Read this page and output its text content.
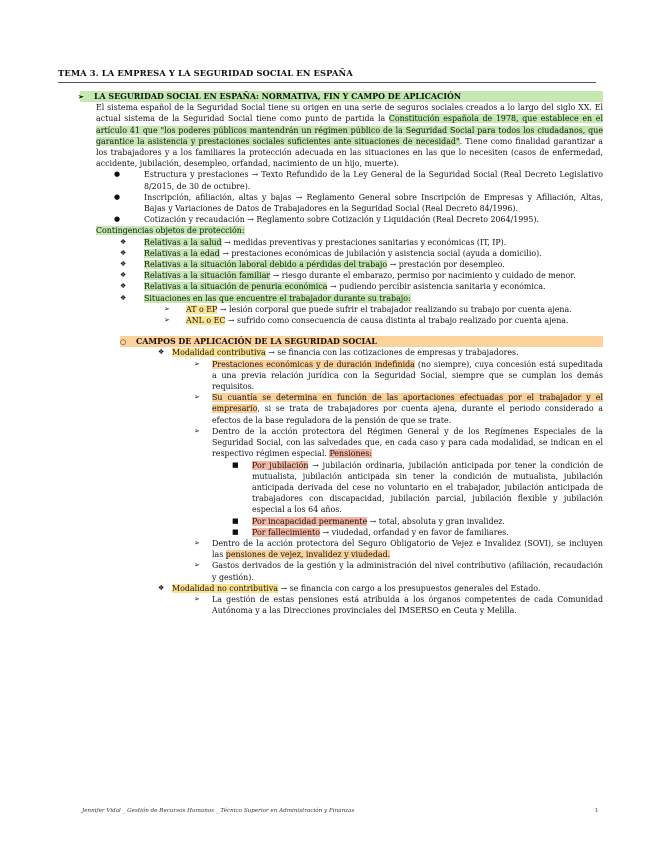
TEMA 3. LA EMPRESA Y LA SEGURIDAD SOCIAL EN ESPAÑA
➢ LA SEGURIDAD SOCIAL EN ESPAÑA: NORMATIVA, FIN Y CAMPO DE APLICACIÓN
El sistema español de la Seguridad Social tiene su origen en una serie de seguros sociales creados a lo largo del siglo XX. El actual sistema de la Seguridad Social tiene como punto de partida la Constitución española de 1978, que establece en el artículo 41 que "los poderes públicos mantendrán un régimen público de la Seguridad Social para todos los ciudadanos, que garantice la asistencia y prestaciones sociales suficientes ante situaciones de necesidad". Tiene como finalidad garantizar a los trabajadores y a los familiares la protección adecuada en las situaciones en las que lo necesiten (casos de enfermedad, accidente, jubilación, desempleo, orfandad, nacimiento de un hijo, muerte).
●	Estructura y prestaciones → Texto Refundido de la Ley General de la Seguridad Social (Real Decreto Legislativo 8/2015, de 30 de octubre).
●	Inscripción, afiliación, altas y bajas → Reglamento General sobre Inscripción de Empresas y Afiliación, Altas, Bajas y Variaciones de Datos de Trabajadores en la Seguridad Social (Real Decreto 84/1996).
●	Cotización y recaudación → Reglamento sobre Cotización y Liquidación (Real Decreto 2064/1995).
Contingencias objetos de protección:
❖ Relativas a la salud → medidas preventivas y prestaciones sanitarias y económicas (IT, IP).
❖ Relativas a la edad → prestaciones económicas de jubilación y asistencia social (ayuda a domicilio).
❖ Relativas a la situación laboral debido a pérdidas del trabajo → prestación por desempleo.
❖ Relativas a la situación familiar → riesgo durante el embarazo, permiso por nacimiento y cuidado de menor.
❖ Relativas a la situación de penuria económica → pudiendo percibir asistencia sanitaria y económica.
❖ Situaciones en las que encuentre el trabajador durante su trabajo:
➢ AT o EP → lesión corporal que puede sufrir el trabajador realizando su trabajo por cuenta ajena.
➢ ANL o EC → sufrido como consecuencia de causa distinta al trabajo realizado por cuenta ajena.
○ CAMPOS DE APLICACIÓN DE LA SEGURIDAD SOCIAL
❖ Modalidad contributiva → se financia con las cotizaciones de empresas y trabajadores.
➢ Prestaciones económicas y de duración indefinida (no siempre), cuya concesión está supeditada a una previa relación jurídica con la Seguridad Social, siempre que se cumplan los demás requisitos.
➢ Su cuantía se determina en función de las aportaciones efectuadas por el trabajador y el empresario, si se trata de trabajadores por cuenta ajena, durante el periodo considerado a efectos de la base reguladora de la pensión de que se trate.
➢ Dentro de la acción protectora del Régimen General y de los Regímenes Especiales de la Seguridad Social, con las salvedades que, en cada caso y para cada modalidad, se indican en el respectivo régimen especial. Pensiones:
■ Por jubilación → jubilación ordinaria, jubilación anticipada por tener la condición de mutualista, jubilación anticipada sin tener la condición de mutualista, jubilación anticipada derivada del cese no voluntario en el trabajador, jubilación anticipada de trabajadores con discapacidad, jubilación parcial, jubilación flexible y jubilación especial a los 64 años.
■ Por incapacidad permanente → total, absoluta y gran invalidez.
■ Por fallecimiento → viudedad, orfandad y en favor de familiares.
➢ Dentro de la acción protectora del Seguro Obligatorio de Vejez e Invalidez (SOVI), se incluyen las pensiones de vejez, invalidez y viudedad.
➢ Gastos derivados de la gestión y la administración del nivel contributivo (afiliación, recaudación y gestión).
❖ Modalidad no contributiva → se financia con cargo a los presupuestos generales del Estado.
➢ La gestión de estas pensiones está atribuida a los órganos competentes de cada Comunidad Autónoma y a las Direcciones provinciales del IMSERSO en Ceuta y Melilla.
Jennifer Vidal _ Gestión de Recursos Humanos _ Técnico Superior en Administración y Finanzas	1
